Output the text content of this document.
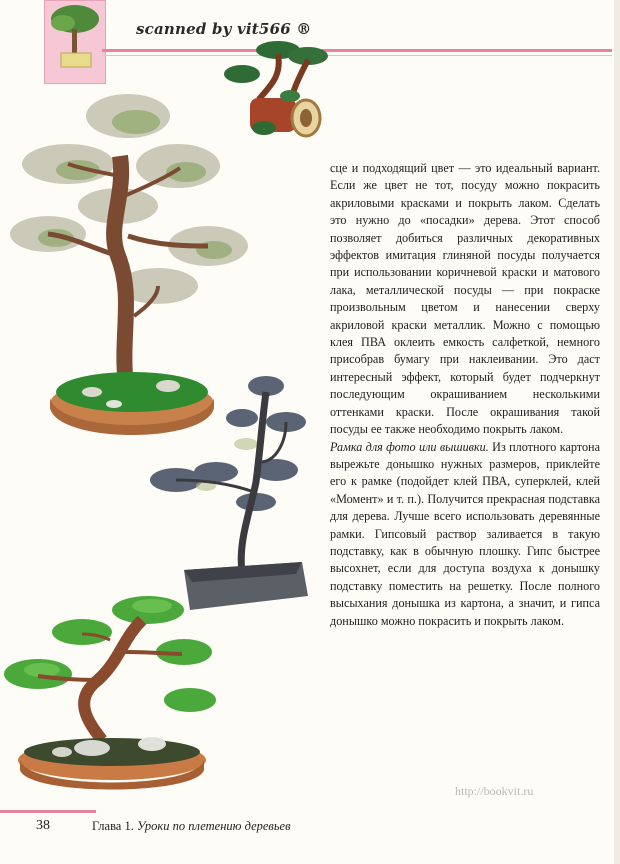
scanned by vit566 ®

сце и подходящий цвет — это идеальный вариант. Если же цвет не тот, посуду можно покрасить акриловыми красками и покрыть лаком. Сделать это нужно до «посадки» дерева. Этот способ позволяет добиться различных декоративных эффектов имитация глиняной посуды получается при использовании коричневой краски и матового лака, металлической посуды — при покраске произвольным цветом и нанесении сверху акриловой краски металлик. Можно с помощью клея ПВА оклеить емкость салфеткой, немного присобрав бумагу при наклеивании. Это даст интересный эффект, который будет подчеркнут последующим окрашиванием несколькими оттенками краски. После окрашивания такой посуды ее также необходимо покрыть лаком.

Рамка для фото или вышивки. Из плотного картона вырежьте донышко нужных размеров, приклейте его к рамке (подойдет клей ПВА, суперклей, клей «Момент» и т. п.). Получится прекрасная подставка для дерева. Лучше всего использовать деревянные рамки. Гипсовый раствор заливается в такую подставку, как в обычную плошку. Гипс быстрее высохнет, если для доступа воздуха к донышку подставку поместить на решетку. После полного высыхания донышка из картона, а значит, и гипса донышко можно покрасить и покрыть лаком.

http://bookvit.ru
38	Глава 1. Уроки по плетению деревьев
